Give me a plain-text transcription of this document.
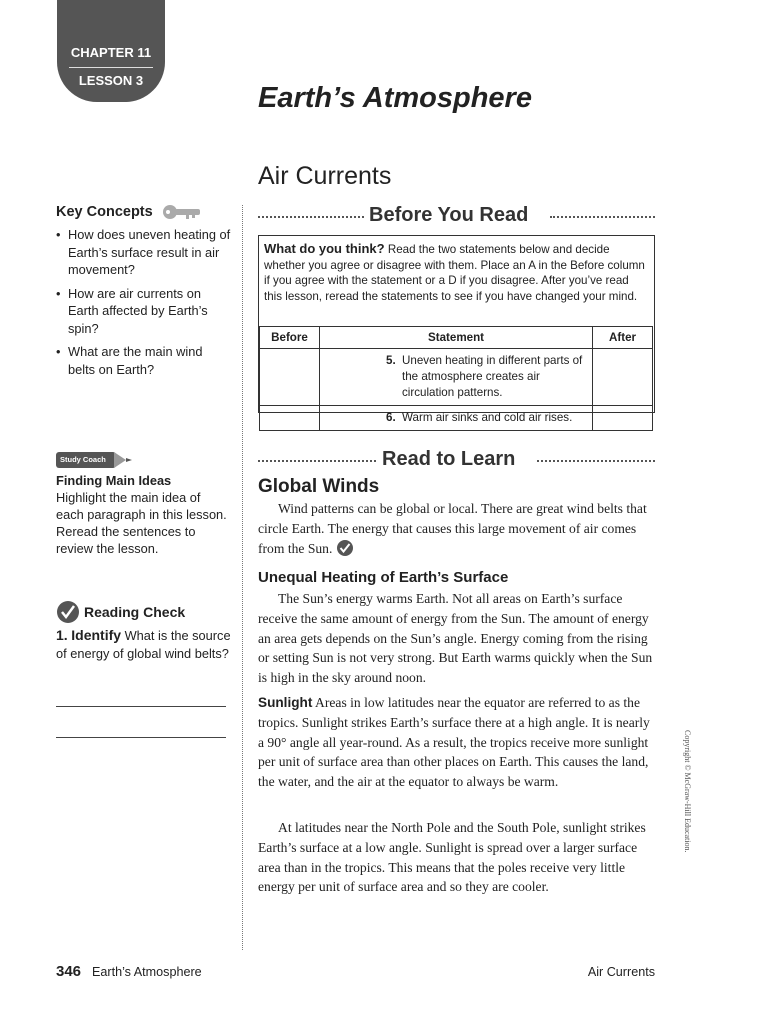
CHAPTER 11
LESSON 3
Earth’s Atmosphere
Air Currents
Key Concepts
• How does uneven heating of Earth’s surface result in air movement?
• How are air currents on Earth affected by Earth’s spin?
• What are the main wind belts on Earth?
Study Coach
Finding Main Ideas
Highlight the main idea of each paragraph in this lesson. Reread the sentences to review the lesson.
Reading Check
1. Identify What is the source of energy of global wind belts?
Before You Read
What do you think? Read the two statements below and decide whether you agree or disagree with them. Place an A in the Before column if you agree with the statement or a D if you disagree. After you’ve read this lesson, reread the statements to see if you have changed your mind.
Before	Statement	After

	5. Uneven heating in different parts of the atmosphere creates air circulation patterns.	

	6. Warm air sinks and cold air rises.	

Read to Learn
Global Winds
Wind patterns can be global or local. There are great wind belts that circle Earth. The energy that causes this large movement of air comes from the Sun.
Unequal Heating of Earth’s Surface
The Sun’s energy warms Earth. Not all areas on Earth’s surface receive the same amount of energy from the Sun. The amount of energy an area gets depends on the Sun’s angle. Energy coming from the rising or setting Sun is not very strong. But Earth warms quickly when the Sun is high in the sky around noon.
Sunlight Areas in low latitudes near the equator are referred to as the tropics. Sunlight strikes Earth’s surface there at a high angle. It is nearly a 90° angle all year-round. As a result, the tropics receive more sunlight per unit of surface area than other places on Earth. This causes the land, the water, and the air at the equator to always be warm.
At latitudes near the North Pole and the South Pole, sunlight strikes Earth’s surface at a low angle. Sunlight is spread over a larger surface area than in the tropics. This means that the poles receive very little energy per unit of surface area and so they are cooler.
Copyright © McGraw-Hill Education.
346 Earth’s Atmosphere	Air Currents
